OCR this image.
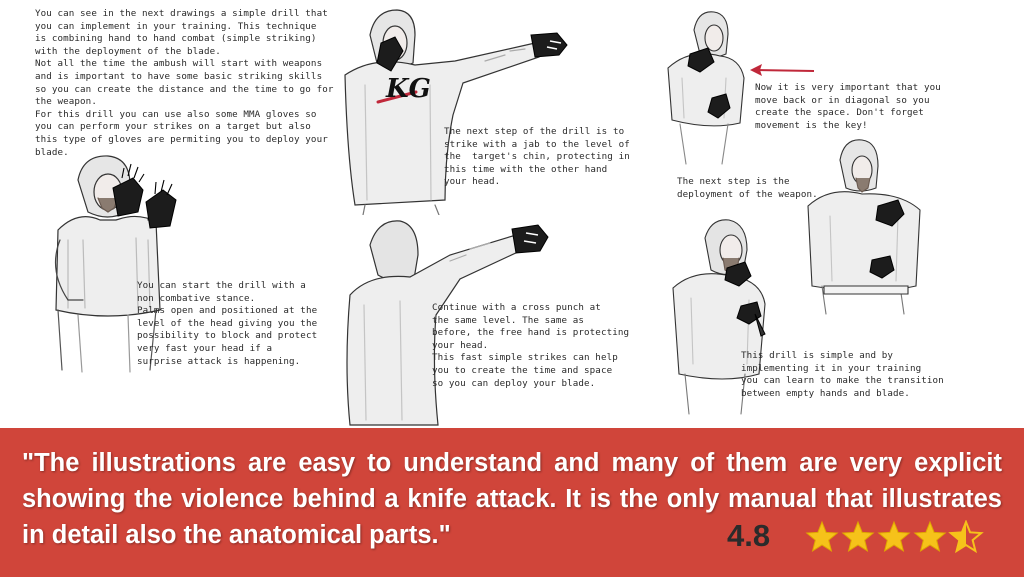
You can see in the next drawings a simple drill that
you can implement in your training. This technique
is combining hand to hand combat (simple striking)
with the deployment of the blade.
Not all the time the ambush will start with weapons
and is important to have some basic striking skills
so you can create the distance and the time to go for
the weapon.
For this drill you can use also some MMA gloves so
you can perform your strikes on a target but also
this type of gloves are permiting you to deploy your
blade.
You can start the drill with a
non combative stance.
Palms open and positioned at the
level of the head giving you the
possibility to block and protect
very fast your head if a
surprise attack is happening.
KG
The next step of the drill is to
strike with a jab to the level of
the  target's chin, protecting in
this time with the other hand
your head.
Continue with a cross punch at
the same level. The same as
before, the free hand is protecting
your head.
This fast simple strikes can help
you to create the time and space
so you can deploy your blade.
Now it is very important that you
move back or in diagonal so you
create the space. Don't forget
movement is the key!
The next step is the
deployment of the weapon.
This drill is simple and by
implementing it in your training
you can learn to make the transition
between empty hands and blade.

"The illustrations are easy to understand and many of them are very explicit showing the violence behind a knife attack. It is the only manual that illustrates in detail also the anatomical parts."	4.8
